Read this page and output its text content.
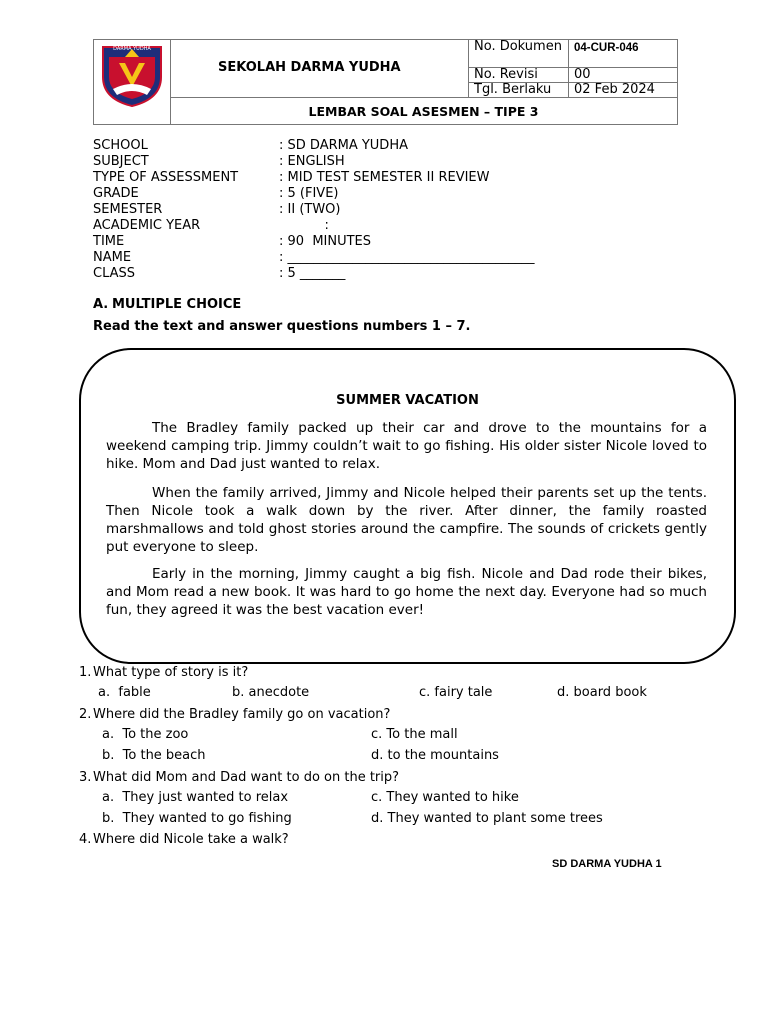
DARMA YUDHA
SEKOLAH DARMA YUDHA
No. Dokumen 04-CUR-046
No. Revisi	00
Tgl. Berlaku 02 Feb 2024
LEMBAR SOAL ASESMEN – TIPE 3
SCHOOL	: SD DARMA YUDHA
SUBJECT	: ENGLISH
TYPE OF ASSESSMENT	: MID TEST SEMESTER II REVIEW
GRADE	: 5 (FIVE)
SEMESTER	: II (TWO)
ACADEMIC YEAR	:
TIME	: 90  MINUTES
NAME	: ______________________________________
CLASS	: 5 _______
A. MULTIPLE CHOICE
Read the text and answer questions numbers 1 – 7.
SUMMER VACATION
The Bradley family packed up their car and drove to the mountains for a weekend camping trip. Jimmy couldn’t wait to go fishing. His older sister Nicole loved to hike. Mom and Dad just wanted to relax.
When the family arrived, Jimmy and Nicole helped their parents set up the tents. Then Nicole took a walk down by the river. After dinner, the family roasted marshmallows and told ghost stories around the campfire. The sounds of crickets gently put everyone to sleep.
Early in the morning, Jimmy caught a big fish. Nicole and Dad rode their bikes, and Mom read a new book. It was hard to go home the next day. Everyone had so much fun, they agreed it was the best vacation ever!
1. What type of story is it?
a.  fable	b. anecdote	c. fairy tale	d. board book
2. Where did the Bradley family go on vacation?
a.  To the zoo	c. To the mall
b.  To the beach	d. to the mountains
3. What did Mom and Dad want to do on the trip?
a.  They just wanted to relax	c. They wanted to hike
b.  They wanted to go fishing	d. They wanted to plant some trees
4. Where did Nicole take a walk?
SD DARMA YUDHA 1
